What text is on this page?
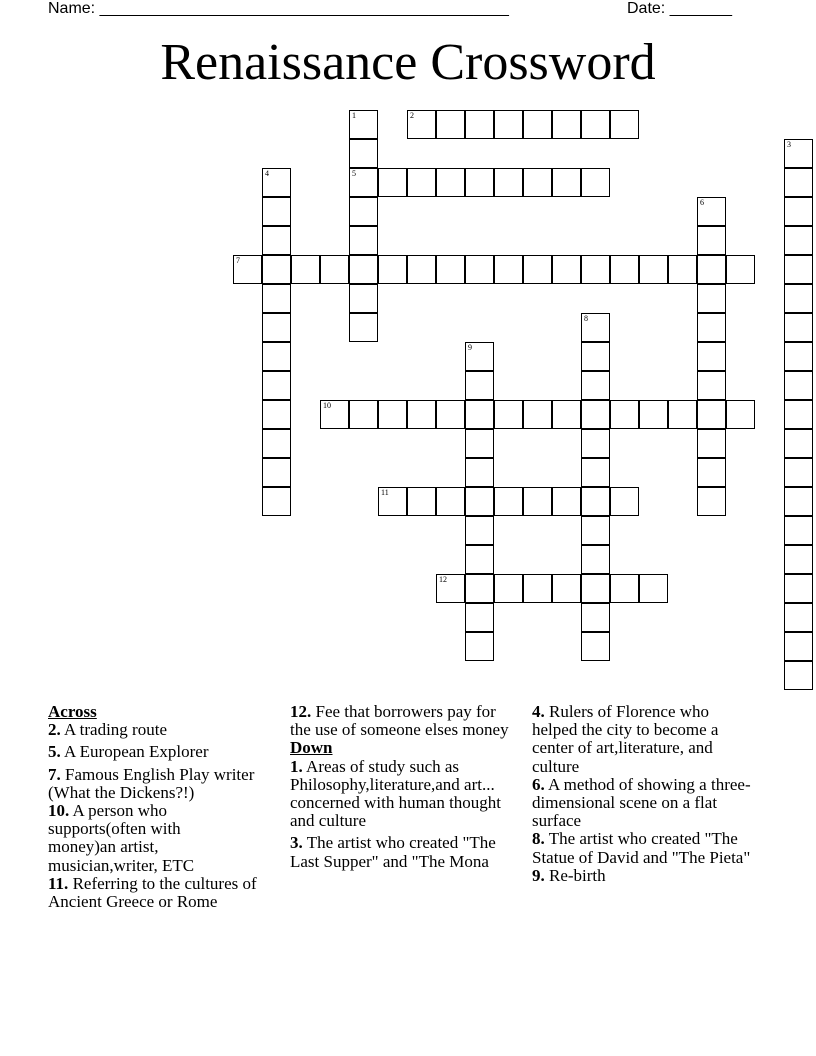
Name: ______________________________________________	Date: _______
Renaissance Crossword
1
5
2
3
4
6
7
8
9
10
11
12

Across

2. A trading route

5. A European Explorer

7. Famous English Play writer (What the Dickens?!)

10. A person who supports(often with money)an artist, musician,writer, ETC

11. Referring to the cultures of Ancient Greece or Rome

12. Fee that borrowers pay for the use of someone elses money

Down

1. Areas of study such as Philosophy,literature,and art... concerned with human thought and culture

3. The artist who created "The Last Supper" and "The Mona

4. Rulers of Florence who helped the city to become a center of art,literature, and culture

6. A method of showing a three-dimensional scene on a flat surface

8. The artist who created "The Statue of David and "The Pieta"

9. Re-birth
